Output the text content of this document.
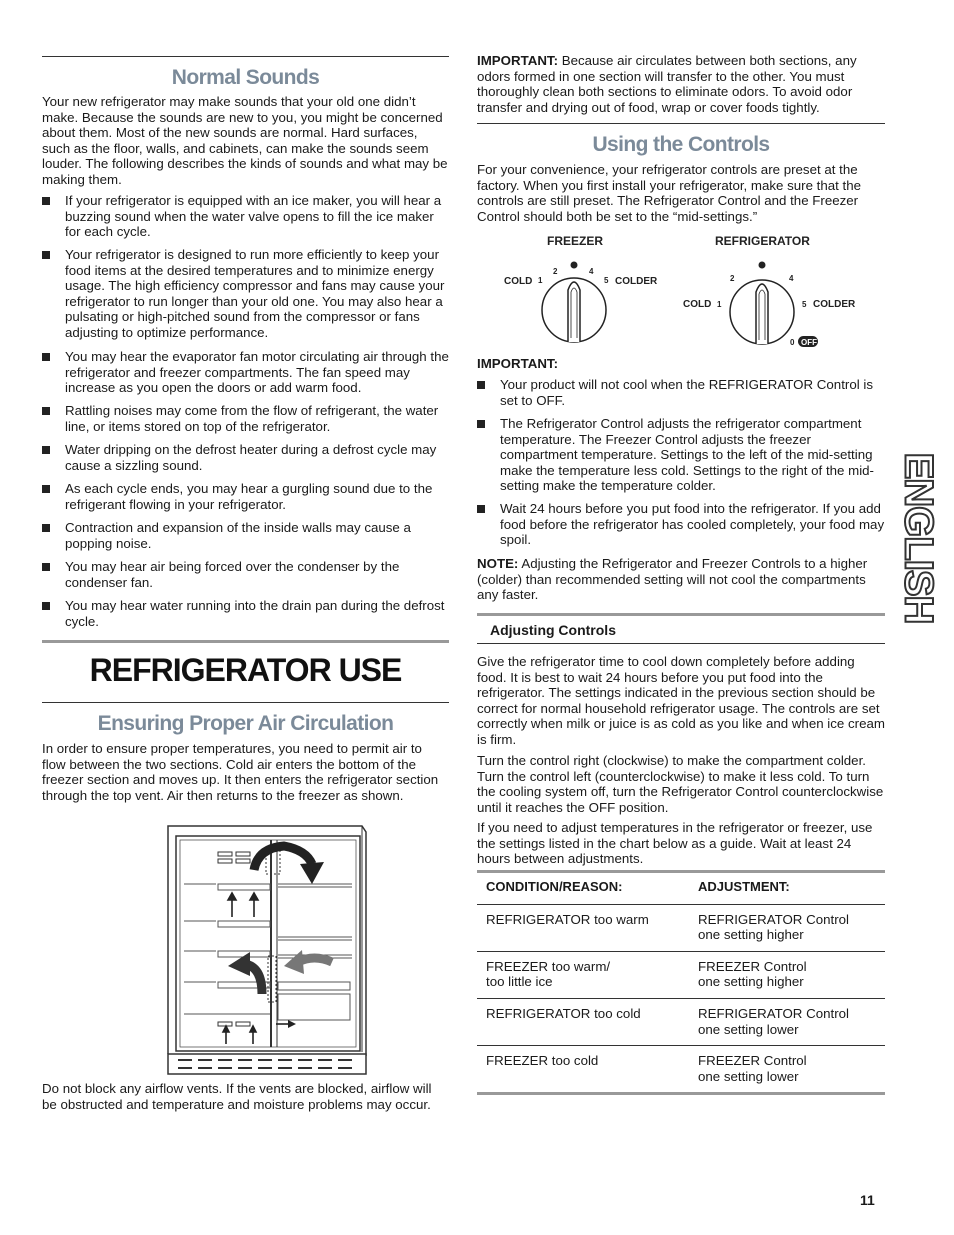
Normal Sounds

Your new refrigerator may make sounds that your old one didn’t make. Because the sounds are new to you, you might be concerned about them. Most of the new sounds are normal. Hard surfaces, such as the floor, walls, and cabinets, can make the sounds seem louder. The following describes the kinds of sounds and what may be making them.

If your refrigerator is equipped with an ice maker, you will hear a buzzing sound when the water valve opens to fill the ice maker for each cycle.
Your refrigerator is designed to run more efficiently to keep your food items at the desired temperatures and to minimize energy usage. The high efficiency compressor and fans may cause your refrigerator to run longer than your old one. You may also hear a pulsating or high-pitched sound from the compressor or fans adjusting to optimize performance.
You may hear the evaporator fan motor circulating air through the refrigerator and freezer compartments. The fan speed may increase as you open the doors or add warm food.
Rattling noises may come from the flow of refrigerant, the water line, or items stored on top of the refrigerator.
Water dripping on the defrost heater during a defrost cycle may cause a sizzling sound.
As each cycle ends, you may hear a gurgling sound due to the refrigerant flowing in your refrigerator.
Contraction and expansion of the inside walls may cause a popping noise.
You may hear air being forced over the condenser by the condenser fan.
You may hear water running into the drain pan during the defrost cycle.
REFRIGERATOR USE
Ensuring Proper Air Circulation

In order to ensure proper temperatures, you need to permit air to flow between the two sections. Cold air enters the bottom of the freezer section and moves up. It then enters the refrigerator section through the top vent. Air then returns to the freezer as shown.

Do not block any airflow vents. If the vents are blocked, airflow will be obstructed and temperature and moisture problems may occur.

IMPORTANT: Because air circulates between both sections, any odors formed in one section will transfer to the other. You must thoroughly clean both sections to eliminate odors. To avoid odor transfer and drying out of food, wrap or cover foods tightly.

Using the Controls

For your convenience, your refrigerator controls are preset at the factory. When you first install your refrigerator, make sure that the controls are still preset. The Refrigerator Control and the Freezer Control should both be set to the “mid-settings.”

FREEZER
COLD 1
2	4
5 COLDER
REFRIGERATOR
COLD 1
2	4
5 COLDER
0 OFF

IMPORTANT:

Your product will not cool when the REFRIGERATOR Control is set to OFF.
The Refrigerator Control adjusts the refrigerator compartment temperature. The Freezer Control adjusts the freezer compartment temperature. Settings to the left of the mid-setting make the temperature less cold. Settings to the right of the mid-setting make the temperature colder.
Wait 24 hours before you put food into the refrigerator. If you add food before the refrigerator has cooled completely, your food may spoil.

NOTE: Adjusting the Refrigerator and Freezer Controls to a higher (colder) than recommended setting will not cool the compartments any faster.

Adjusting Controls

Give the refrigerator time to cool down completely before adding food. It is best to wait 24 hours before you put food into the refrigerator. The settings indicated in the previous section should be correct for normal household refrigerator usage. The controls are set correctly when milk or juice is as cold as you like and when ice cream is firm.

Turn the control right (clockwise) to make the compartment colder. Turn the control left (counterclockwise) to make it less cold. To turn the cooling system off, turn the Refrigerator Control counterclockwise until it reaches the OFF position.

If you need to adjust temperatures in the refrigerator or freezer, use the settings listed in the chart below as a guide. Wait at least 24 hours between adjustments.

CONDITION/REASON:	ADJUSTMENT:
REFRIGERATOR too warm	REFRIGERATOR Control
one setting higher
FREEZER too warm/
too little ice	FREEZER Control
one setting higher
REFRIGERATOR too cold	REFRIGERATOR Control
one setting lower
FREEZER too cold	FREEZER Control
one setting lower
ENGLISH
11
